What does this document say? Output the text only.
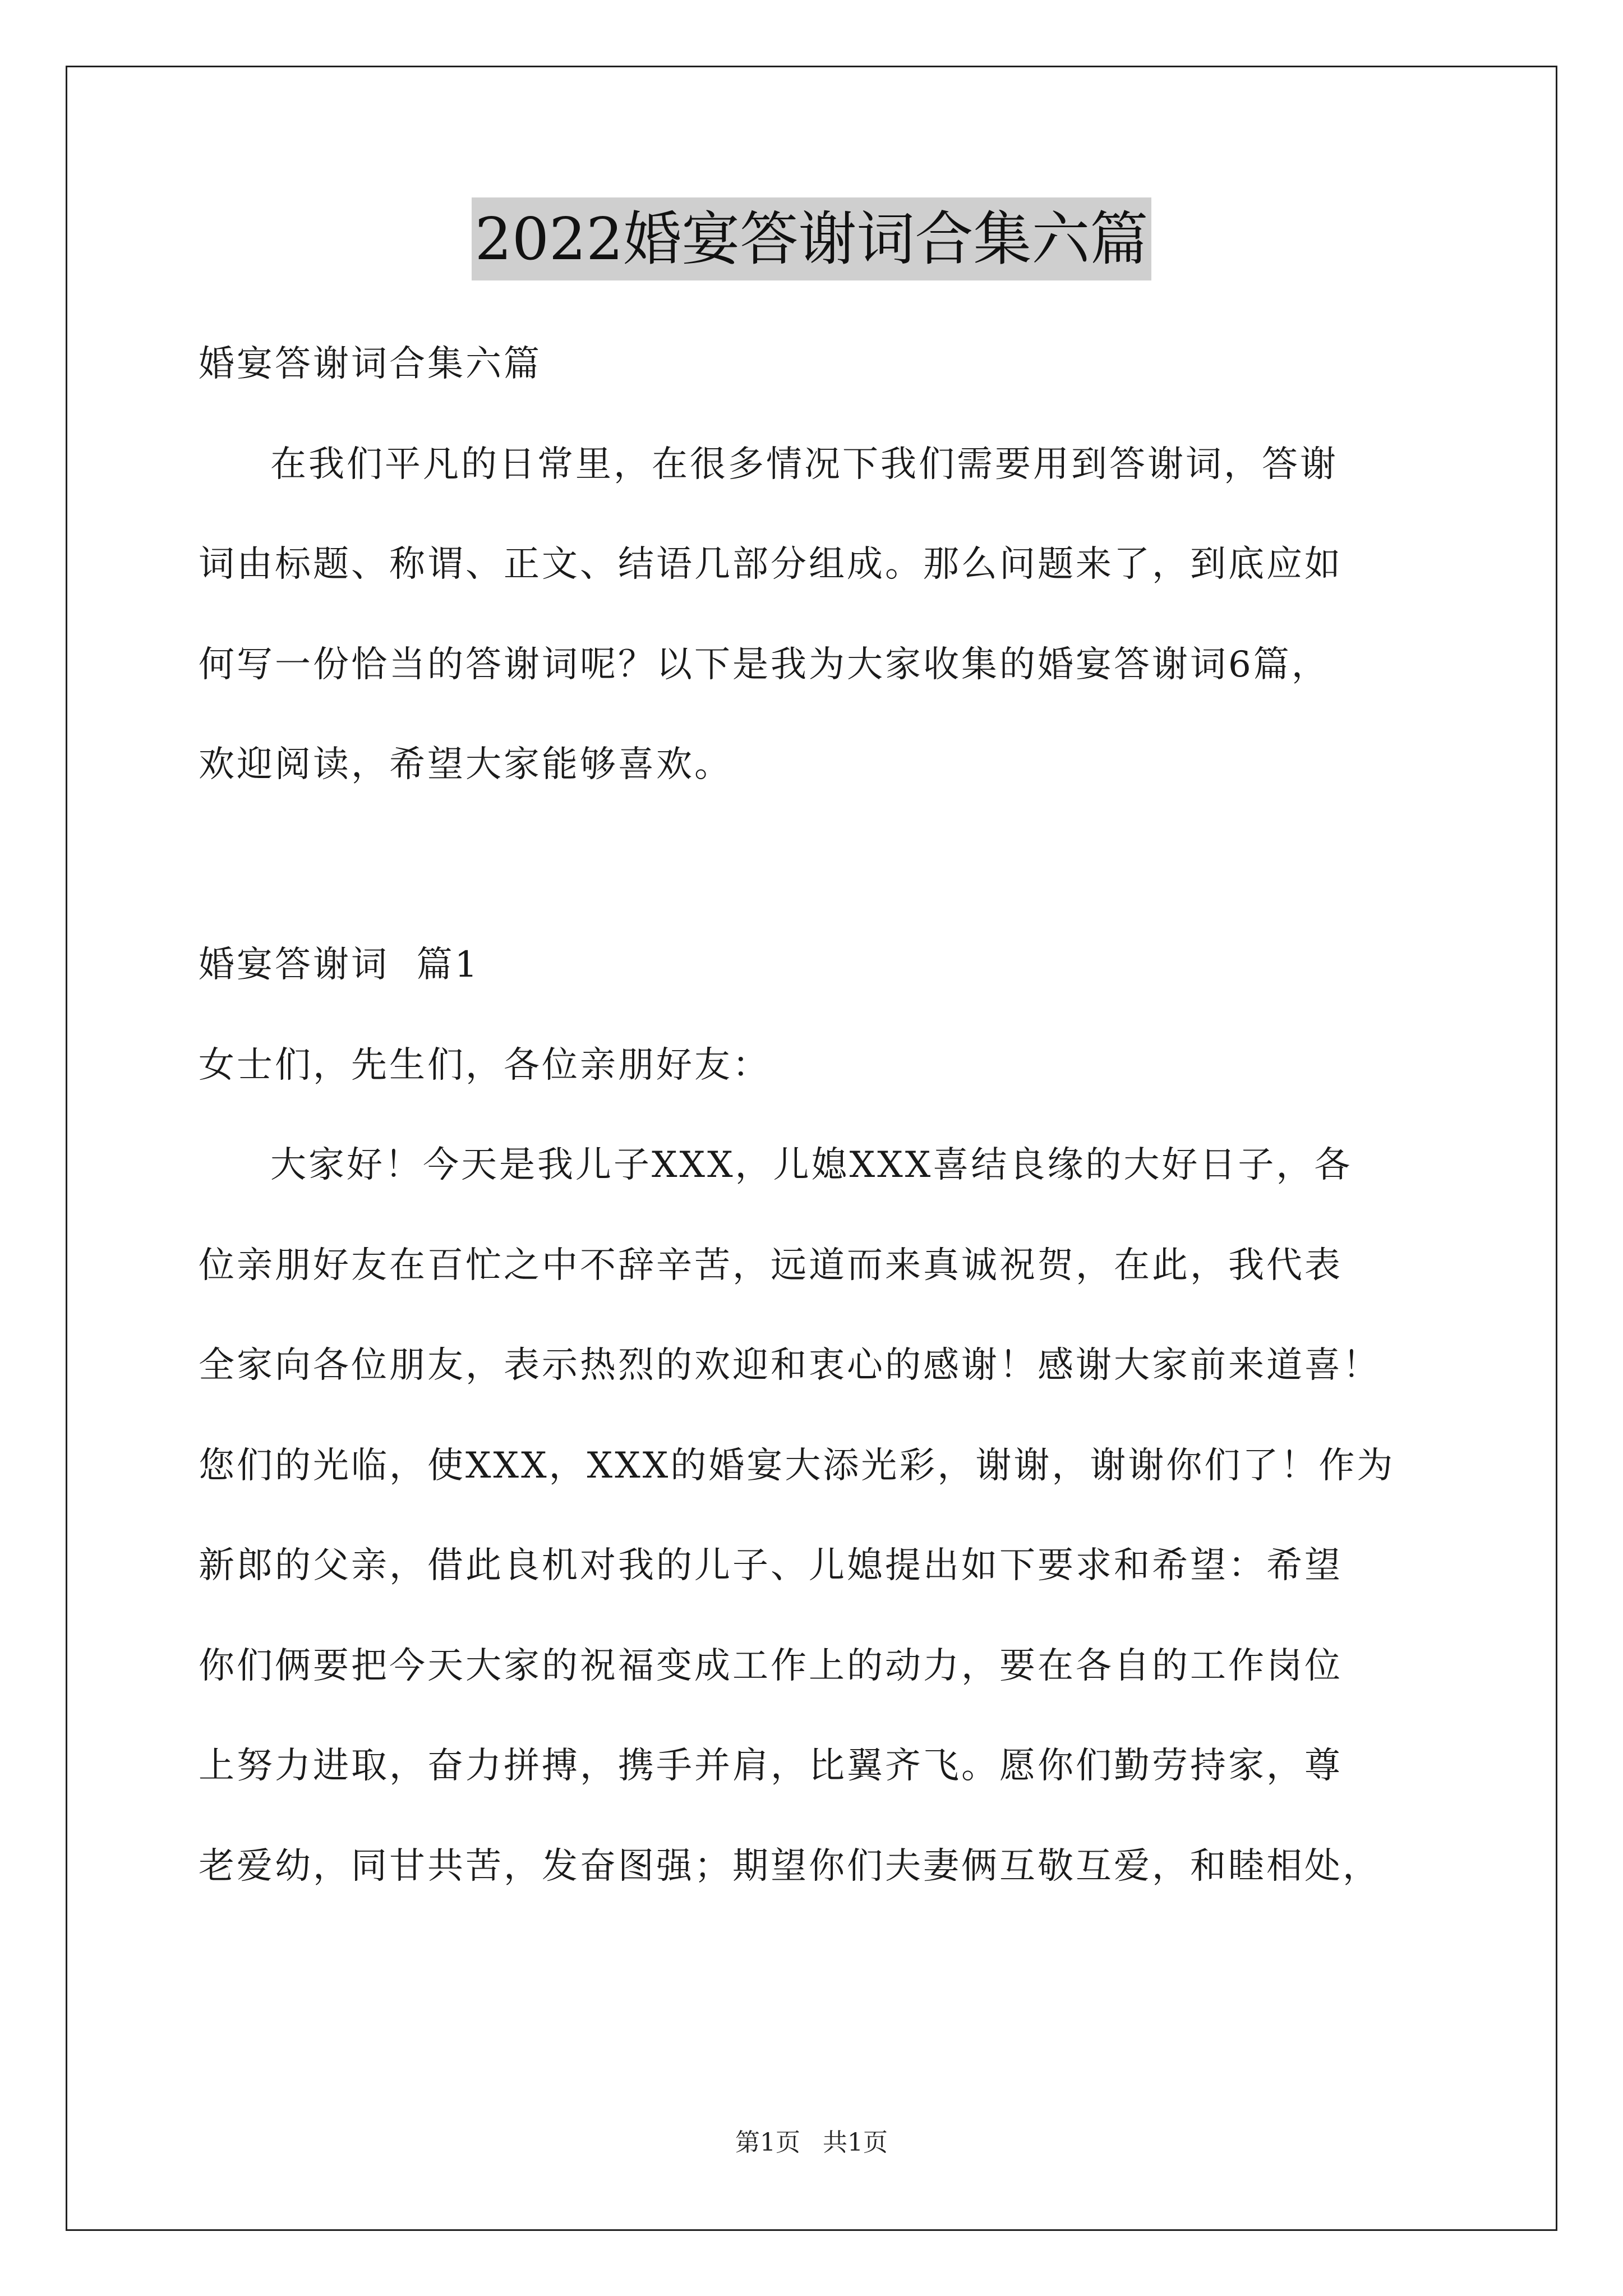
2022婚宴答谢词合集六篇

婚宴答谢词合集六篇

在我们平凡的日常里，在很多情况下我们需要用到答谢词，答谢

词由标题、称谓、正文、结语几部分组成。那么问题来了，到底应如

何写一份恰当的答谢词呢？以下是我为大家收集的婚宴答谢词6篇，

欢迎阅读，希望大家能够喜欢。

婚宴答谢词  篇1

女士们，先生们，各位亲朋好友：

大家好！今天是我儿子XXX，儿媳XXX喜结良缘的大好日子，各

位亲朋好友在百忙之中不辞辛苦，远道而来真诚祝贺，在此，我代表

全家向各位朋友，表示热烈的欢迎和衷心的感谢！感谢大家前来道喜！

您们的光临，使XXX，XXX的婚宴大添光彩，谢谢，谢谢你们了！作为

新郎的父亲，借此良机对我的儿子、儿媳提出如下要求和希望：希望

你们俩要把今天大家的祝福变成工作上的动力，要在各自的工作岗位

上努力进取，奋力拼搏，携手并肩，比翼齐飞。愿你们勤劳持家，尊

老爱幼，同甘共苦，发奋图强；期望你们夫妻俩互敬互爱，和睦相处，

第1页 共1页
